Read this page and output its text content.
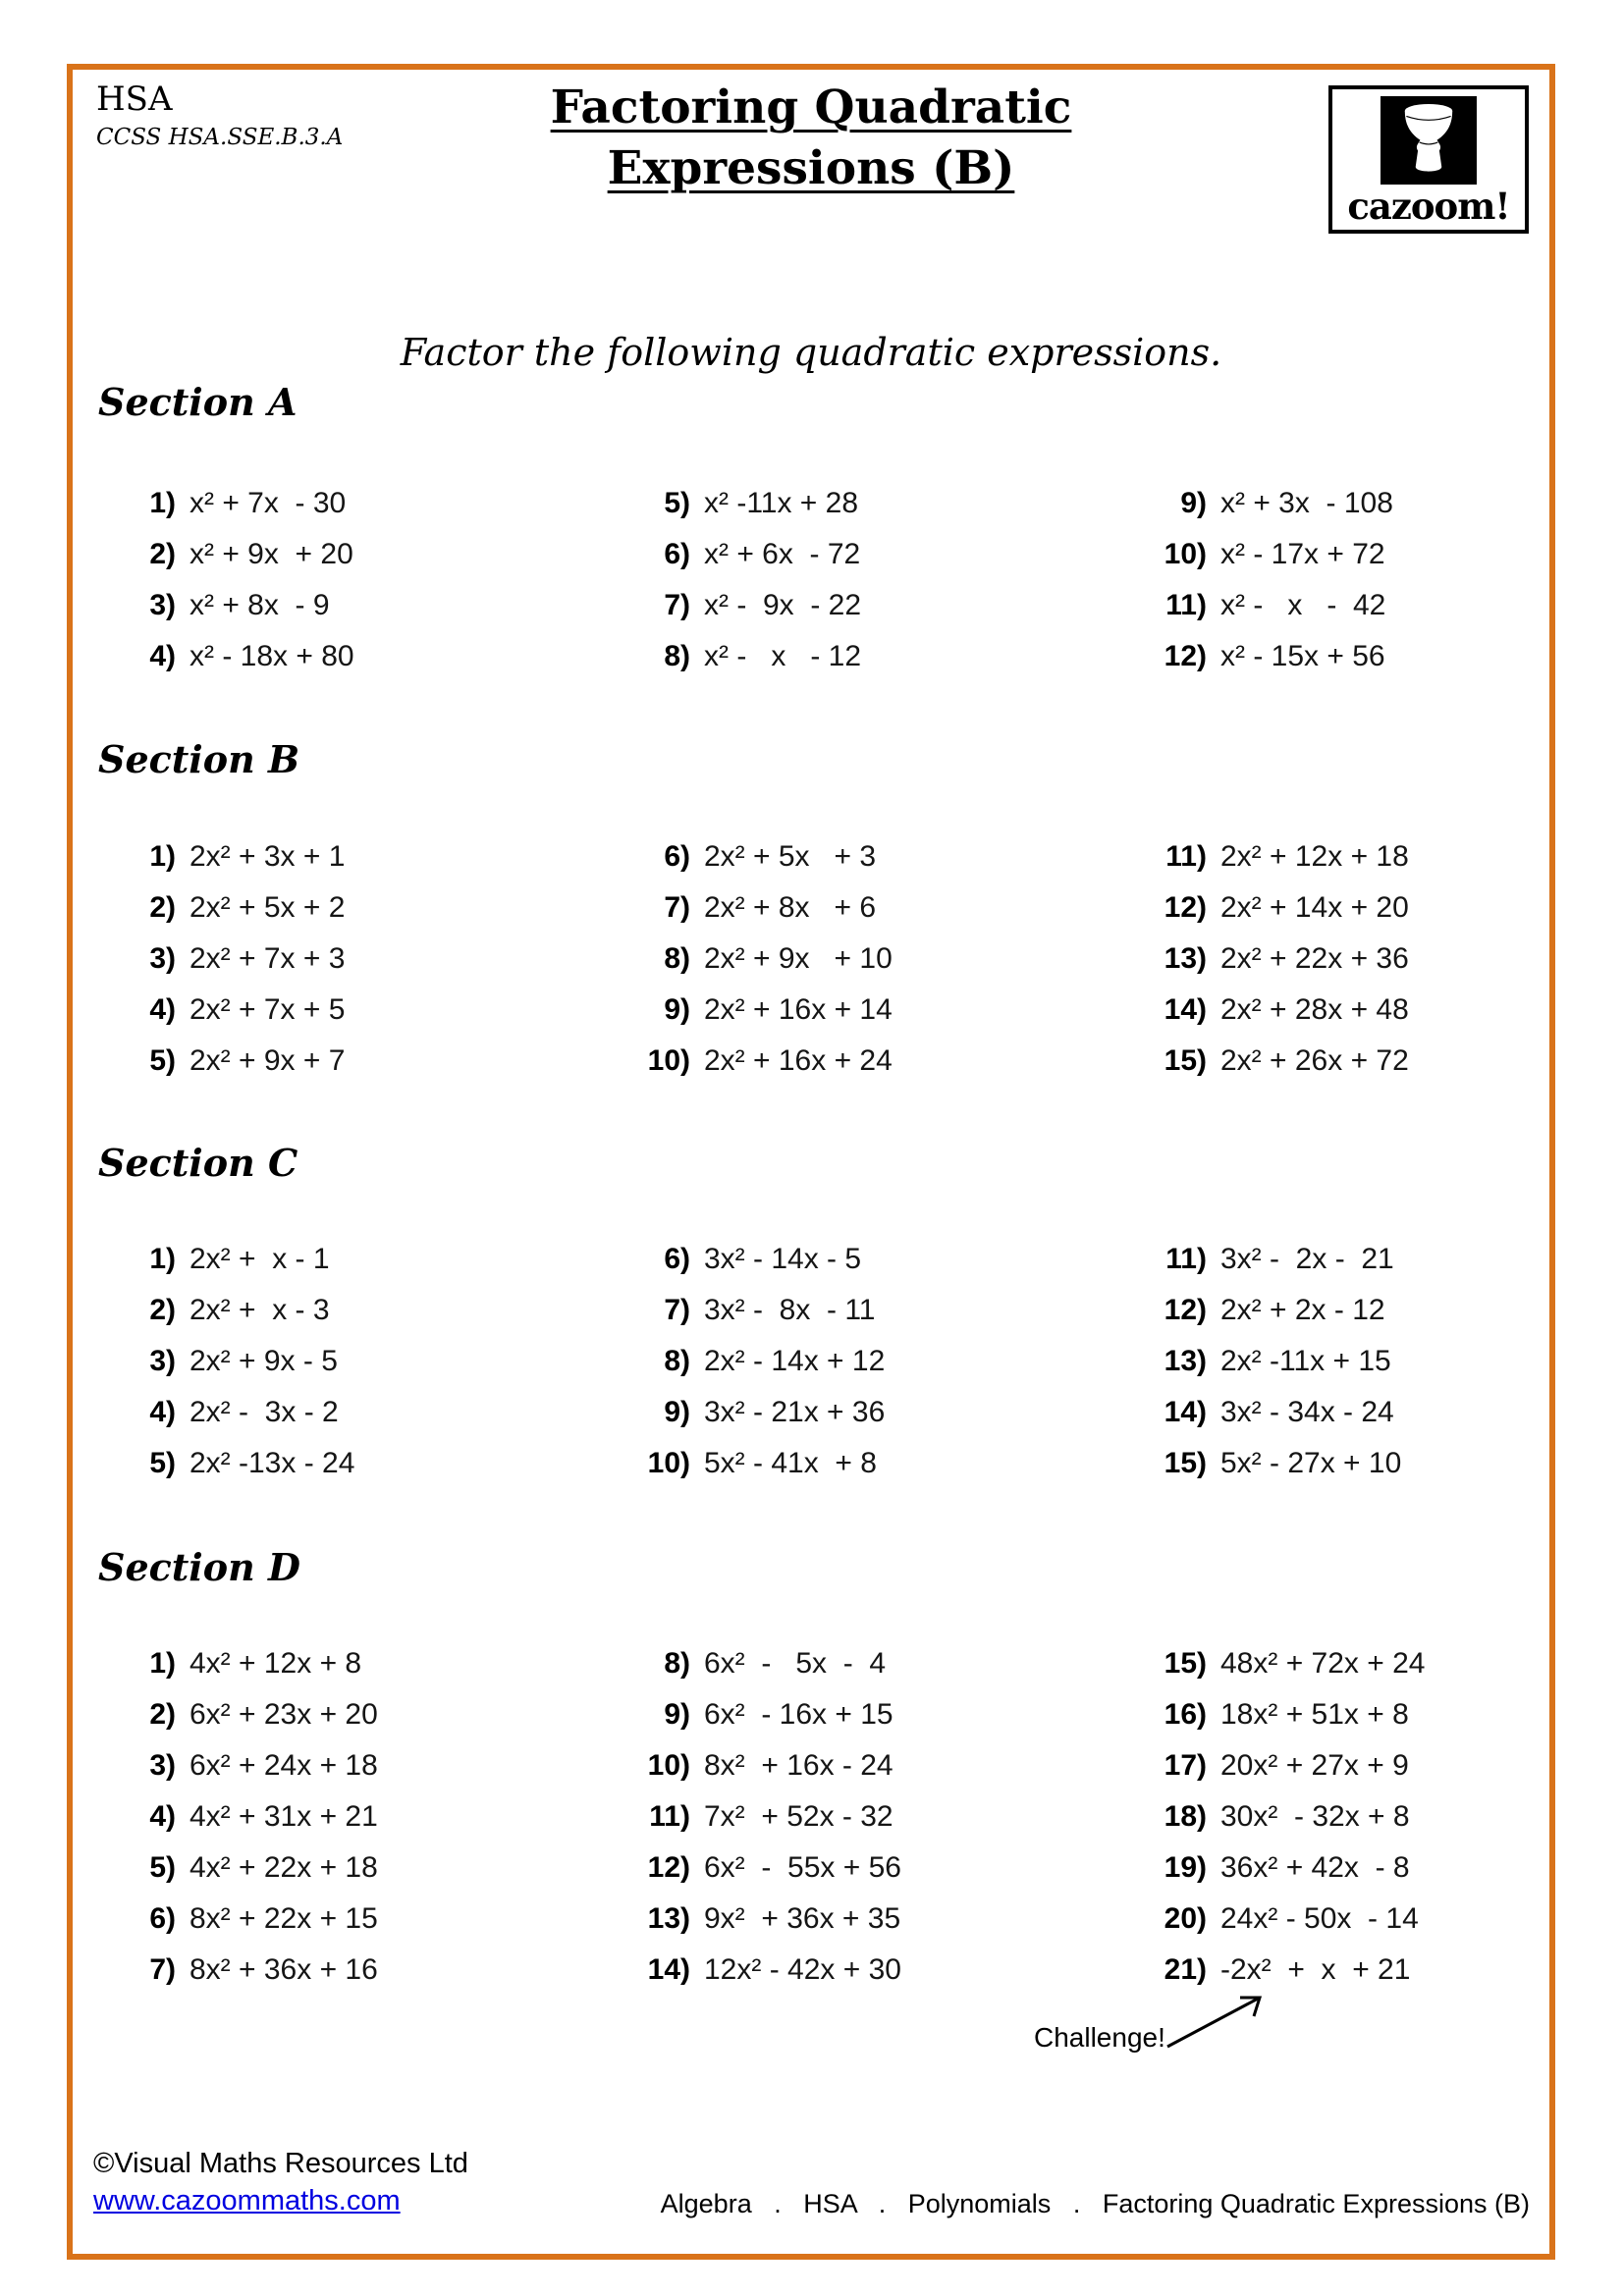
HSA
CCSS HSA.SSE.B.3.A
Factoring Quadratic
Expressions (B)
cazoom!
Factor the following quadratic expressions.
Section A
Section B
Section C
Section D
1) x² + 7x  - 30
2) x² + 9x  + 20
3) x² + 8x  - 9
4) x² - 18x + 80
5) x² -11x + 28
6) x² + 6x  - 72
7) x² -  9x  - 22
8) x² -   x   - 12
9) x² + 3x  - 108
10) x² - 17x + 72
11) x² -   x   -  42
12) x² - 15x + 56
1) 2x² + 3x + 1
2) 2x² + 5x + 2
3) 2x² + 7x + 3
4) 2x² + 7x + 5
5) 2x² + 9x + 7
6) 2x² + 5x   + 3
7) 2x² + 8x   + 6
8) 2x² + 9x   + 10
9) 2x² + 16x + 14
10) 2x² + 16x + 24
11) 2x² + 12x + 18
12) 2x² + 14x + 20
13) 2x² + 22x + 36
14) 2x² + 28x + 48
15) 2x² + 26x + 72
1) 2x² +  x - 1
2) 2x² +  x - 3
3) 2x² + 9x - 5
4) 2x² -  3x - 2
5) 2x² -13x - 24
6) 3x² - 14x - 5
7) 3x² -  8x  - 11
8) 2x² - 14x + 12
9) 3x² - 21x + 36
10) 5x² - 41x  + 8
11) 3x² -  2x -  21
12) 2x² + 2x - 12
13) 2x² -11x + 15
14) 3x² - 34x - 24
15) 5x² - 27x + 10
1) 4x² + 12x + 8
2) 6x² + 23x + 20
3) 6x² + 24x + 18
4) 4x² + 31x + 21
5) 4x² + 22x + 18
6) 8x² + 22x + 15
7) 8x² + 36x + 16
8) 6x²  -   5x  -  4
9) 6x²  - 16x + 15
10) 8x²  + 16x - 24
11) 7x²  + 52x - 32
12) 6x²  -  55x + 56
13) 9x²  + 36x + 35
14) 12x² - 42x + 30
15) 48x² + 72x + 24
16) 18x² + 51x + 8
17) 20x² + 27x + 9
18) 30x²  - 32x + 8
19) 36x² + 42x  - 8
20) 24x² - 50x  - 14
21) -2x²  +  x  + 21
Challenge!
©Visual Maths Resources Ltd
www.cazoommaths.com	Algebra   .   HSA   .   Polynomials   .   Factoring Quadratic Expressions (B)
